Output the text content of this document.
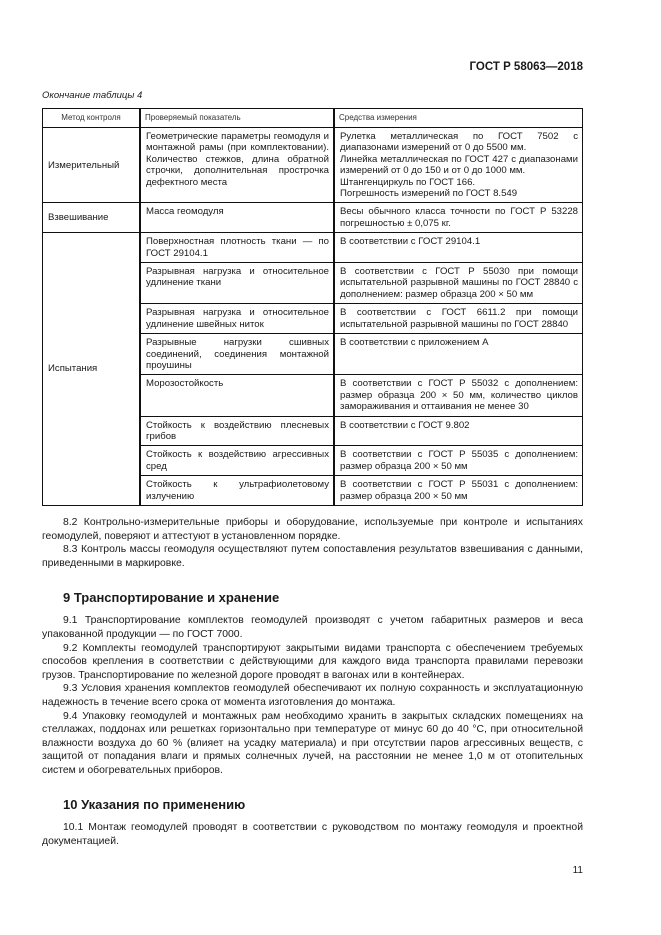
ГОСТ Р 58063—2018
Окончание таблицы 4
Метод контроля	Проверяемый показатель	Средства измерения
Измерительный	Геометрические параметры геомодуля и монтажной рамы (при комплектовании). Количество стежков, длина обратной строчки, дополнительная прострочка дефектного места	Рулетка металлическая по ГОСТ 7502 с диапазонами измерений от 0 до 5500 мм.
Линейка металлическая по ГОСТ 427 с диапазонами измерений от 0 до 150 и от 0 до 1000 мм.
Штангенциркуль по ГОСТ 166.
Погрешность измерений по ГОСТ 8.549

Взвешивание	Масса геомодуля	Весы обычного класса точности по ГОСТ Р 53228 погрешностью ± 0,075 кг.
Испытания	Поверхностная плотность ткани — по ГОСТ 29104.1	В соответствии с ГОСТ 29104.1
	Разрывная нагрузка и относительное удлинение ткани	В соответствии с ГОСТ Р 55030 при помощи испытательной разрывной машины по ГОСТ 28840 с дополнением: размер образца 200 × 50 мм
	Разрывная нагрузка и относительное удлинение швейных ниток	В соответствии с ГОСТ 6611.2 при помощи испытательной разрывной машины по ГОСТ 28840
	Разрывные нагрузки сшивных соединений, соединения монтажной проушины	В соответствии с приложением А
	Морозостойкость	В соответствии с ГОСТ Р 55032 с дополнением: размер образца 200 × 50 мм, количество циклов замораживания и оттаивания не менее 30
	Стойкость к воздействию плесневых грибов	В соответствии с ГОСТ 9.802
	Стойкость к воздействию агрессивных сред	В соответствии с ГОСТ Р 55035 с дополнением: размер образца 200 × 50 мм
	Стойкость к ультрафиолетовому излучению	В соответствии с ГОСТ Р 55031 с дополнением: размер образца 200 × 50 мм

8.2 Контрольно-измерительные приборы и оборудование, используемые при контроле и испытаниях геомодулей, поверяют и аттестуют в установленном порядке.

8.3 Контроль массы геомодуля осуществляют путем сопоставления результатов взвешивания с данными, приведенными в маркировке.

9 Транспортирование и хранение

9.1 Транспортирование комплектов геомодулей производят с учетом габаритных размеров и веса упакованной продукции — по ГОСТ 7000.

9.2 Комплекты геомодулей транспортируют закрытыми видами транспорта с обеспечением требуемых способов крепления в соответствии с действующими для каждого вида транспорта правилами перевозки грузов. Транспортирование по железной дороге проводят в вагонах или в контейнерах.

9.3 Условия хранения комплектов геомодулей обеспечивают их полную сохранность и эксплуатационную надежность в течение всего срока от момента изготовления до монтажа.

9.4 Упаковку геомодулей и монтажных рам необходимо хранить в закрытых складских помещениях на стеллажах, поддонах или решетках горизонтально при температуре от минус 60 до 40 °С, при относительной влажности воздуха до 60 % (влияет на усадку материала) и при отсутствии паров агрессивных веществ, с защитой от попадания влаги и прямых солнечных лучей, на расстоянии не менее 1,0 м от отопительных систем и обогревательных приборов.

10 Указания по применению

10.1 Монтаж геомодулей проводят в соответствии с руководством по монтажу геомодуля и проектной документацией.

11
